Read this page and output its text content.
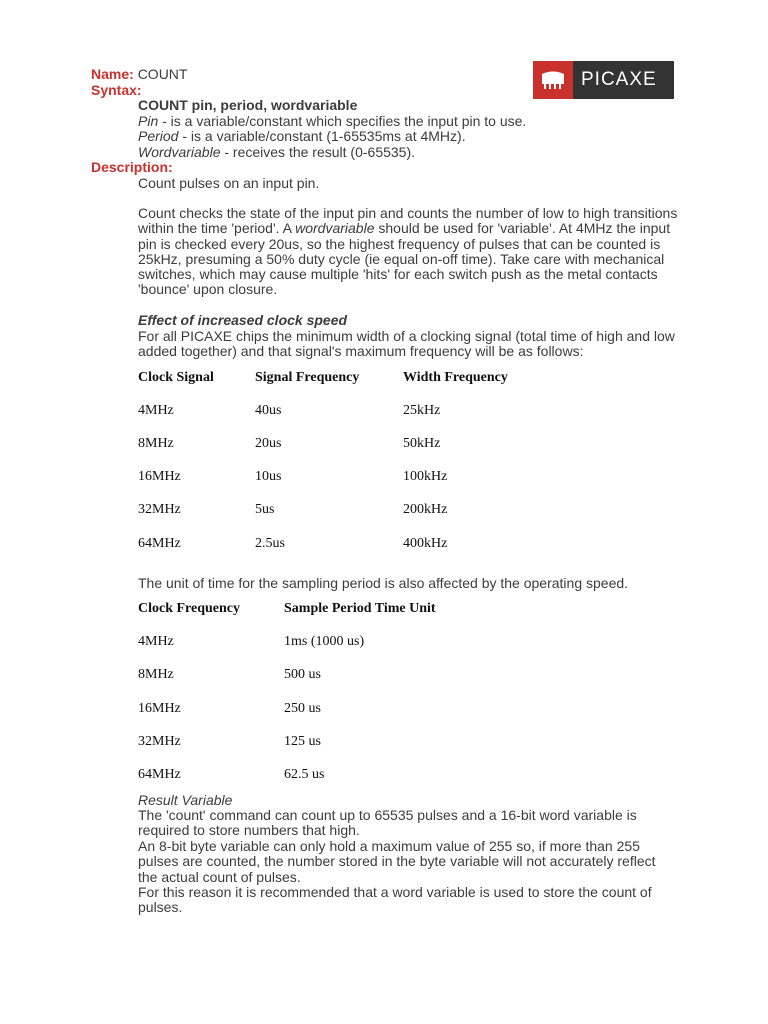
PICAXE
Name: COUNT
Syntax:
COUNT pin, period, wordvariable
Pin - is a variable/constant which specifies the input pin to use.
Period - is a variable/constant (1-65535ms at 4MHz).
Wordvariable - receives the result (0-65535).
Description:
Count pulses on an input pin.
Count checks the state of the input pin and counts the number of low to high transitions within the time 'period'. A wordvariable should be used for 'variable'. At 4MHz the input pin is checked every 20us, so the highest frequency of pulses that can be counted is 25kHz, presuming a 50% duty cycle (ie equal on-off time). Take care with mechanical switches, which may cause multiple 'hits' for each switch push as the metal contacts 'bounce' upon closure.
Effect of increased clock speed
For all PICAXE chips the minimum width of a clocking signal (total time of high and low added together) and that signal's maximum frequency will be as follows:
Clock Signal	Signal Frequency	Width Frequency
4MHz	40us	25kHz
8MHz	20us	50kHz
16MHz	10us	100kHz
32MHz	5us	200kHz
64MHz	2.5us	400kHz
The unit of time for the sampling period is also affected by the operating speed.
Clock Frequency	Sample Period Time Unit
4MHz	1ms (1000 us)
8MHz	500 us
16MHz	250 us
32MHz	125 us
64MHz	62.5 us
Result Variable
The 'count' command can count up to 65535 pulses and a 16-bit word variable is required to store numbers that high.
An 8-bit byte variable can only hold a maximum value of 255 so, if more than 255 pulses are counted, the number stored in the byte variable will not accurately reflect the actual count of pulses.
For this reason it is recommended that a word variable is used to store the count of pulses.
